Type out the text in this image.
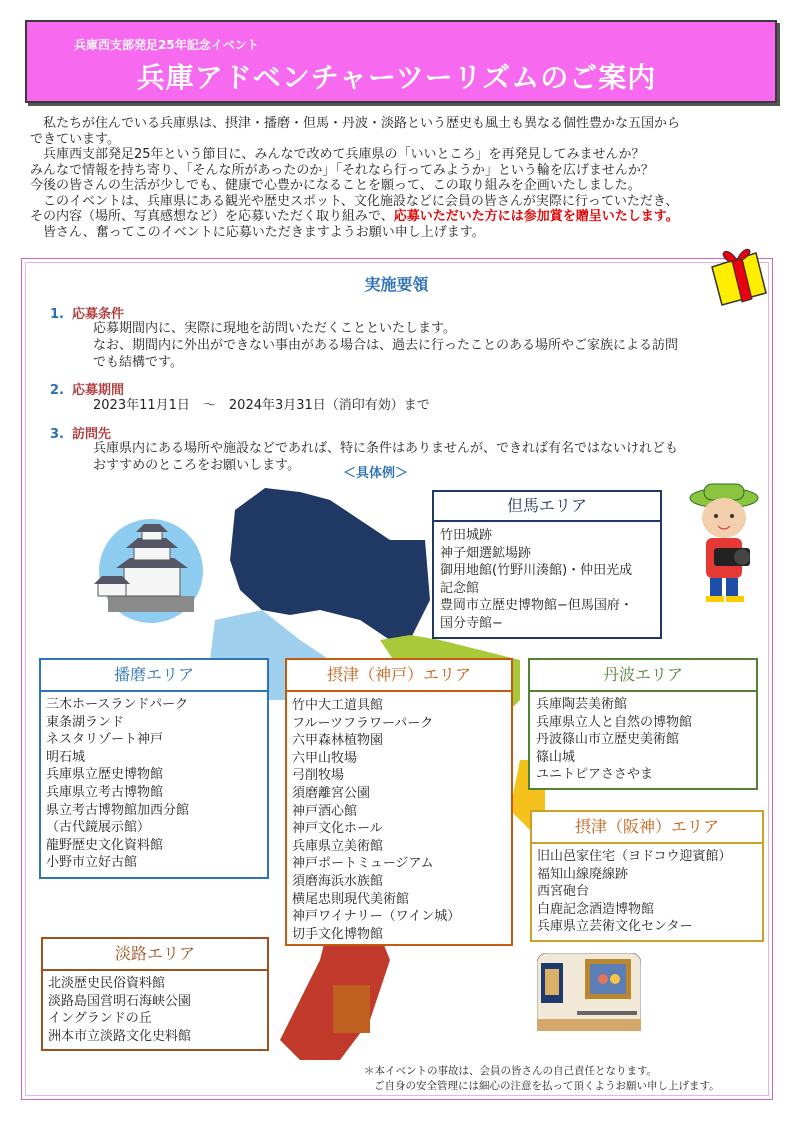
兵庫西支部発足25年記念イベント
兵庫アドベンチャーツーリズムのご案内
私たちが住んでいる兵庫県は、摂津・播磨・但馬・丹波・淡路という歴史も風土も異なる個性豊かな五国から
できています。
兵庫西支部発足25年という節目に、みんなで改めて兵庫県の「いいところ」を再発見してみませんか？
みんなで情報を持ち寄り、「そんな所があったのか」「それなら行ってみようか」という輪を広げませんか？
今後の皆さんの生活が少しでも、健康で心豊かになることを願って、この取り組みを企画いたしました。
このイベントは、兵庫県にある観光や歴史スポット、文化施設などに会員の皆さんが実際に行っていただき、
その内容（場所、写真感想など）を応募いただく取り組みで、応募いただいた方には参加賞を贈呈いたします。
皆さん、奮ってこのイベントに応募いただきますようお願い申し上げます。
実施要領
1. 応募条件
応募期間内に、実際に現地を訪問いただくことといたします。
なお、期間内に外出ができない事由がある場合は、過去に行ったことのある場所やご家族による訪問
でも結構です。
2. 応募期間
2023年11月1日　～　2024年3月31日（消印有効）まで
3. 訪問先
兵庫県内にある場所や施設などであれば、特に条件はありませんが、できれば有名ではないけれども
おすすめのところをお願いします。
＜具体例＞
但馬エリア
竹田城跡
神子畑選鉱場跡
御用地館(竹野川湊館)・仲田光成
記念館
豊岡市立歴史博物館−但馬国府・
国分寺館−
播磨エリア
三木ホースランドパーク
東条湖ランド
ネスタリゾート神戸
明石城
兵庫県立歴史博物館
兵庫県立考古博物館
県立考古博物館加西分館
（古代鏡展示館）
龍野歴史文化資料館
小野市立好古館
摂津（神戸）エリア
竹中大工道具館
フルーツフラワーパーク
六甲森林植物園
六甲山牧場
弓削牧場
須磨離宮公園
神戸酒心館
神戸文化ホール
兵庫県立美術館
神戸ポートミュージアム
須磨海浜水族館
横尾忠則現代美術館
神戸ワイナリー（ワイン城）
切手文化博物館
丹波エリア
兵庫陶芸美術館
兵庫県立人と自然の博物館
丹波篠山市立歴史美術館
篠山城
ユニトピアささやま
摂津（阪神）エリア
旧山邑家住宅（ヨドコウ迎賓館）
福知山線廃線跡
西宮砲台
白鹿記念酒造博物館
兵庫県立芸術文化センター
淡路エリア
北淡歴史民俗資料館
淡路島国営明石海峡公園
イングランドの丘
洲本市立淡路文化史料館
＊本イベントの事故は、会員の皆さんの自己責任となります。
ご自身の安全管理には細心の注意を払って頂くようお願い申し上げます。
